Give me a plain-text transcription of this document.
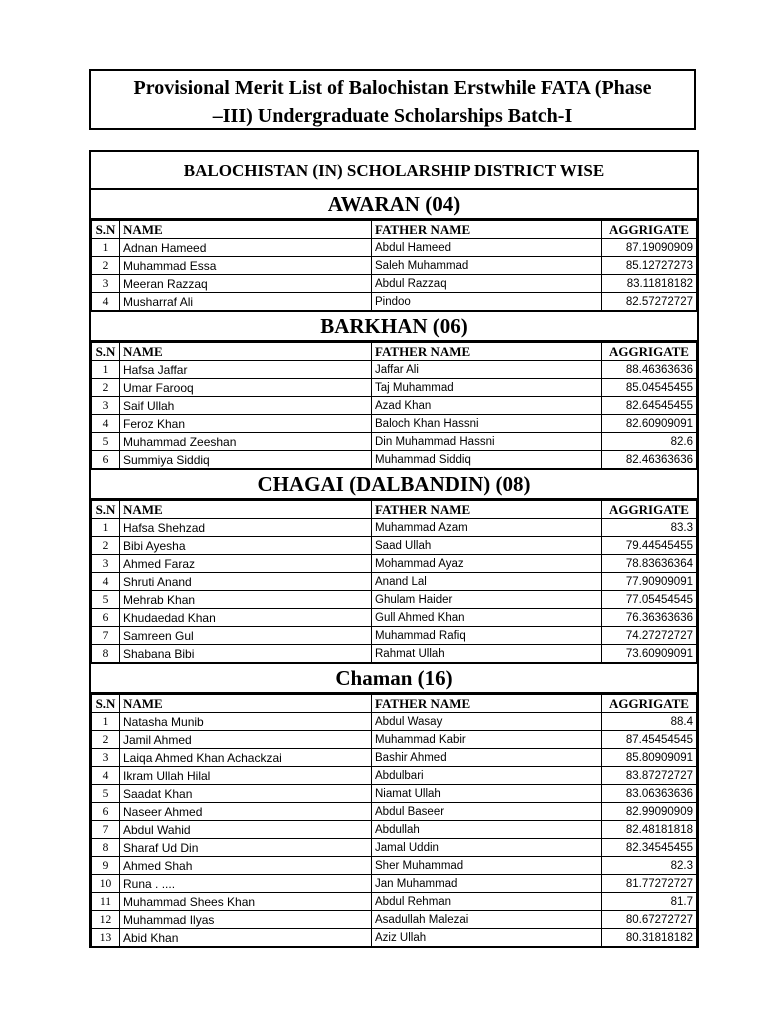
Provisional Merit List of Balochistan Erstwhile FATA (Phase
–III) Undergraduate Scholarships Batch-I
BALOCHISTAN (IN) SCHOLARSHIP DISTRICT WISE
AWARAN (04)
S.N	NAME	FATHER NAME	AGGRIGATE
1	Adnan Hameed	Abdul Hameed	87.19090909
2	Muhammad Essa	Saleh Muhammad	85.12727273
3	Meeran Razzaq	Abdul Razzaq	83.11818182
4	Musharraf Ali	Pindoo	82.57272727
BARKHAN (06)
S.N	NAME	FATHER NAME	AGGRIGATE
1	Hafsa Jaffar	Jaffar Ali	88.46363636
2	Umar Farooq	Taj Muhammad	85.04545455
3	Saif Ullah	Azad Khan	82.64545455
4	Feroz Khan	Baloch Khan Hassni	82.60909091
5	Muhammad Zeeshan	Din Muhammad Hassni	82.6
6	Summiya Siddiq	Muhammad Siddiq	82.46363636
CHAGAI (DALBANDIN) (08)
S.N	NAME	FATHER NAME	AGGRIGATE
1	Hafsa Shehzad	Muhammad Azam	83.3
2	Bibi Ayesha	Saad Ullah	79.44545455
3	Ahmed Faraz	Mohammad Ayaz	78.83636364
4	Shruti Anand	Anand Lal	77.90909091
5	Mehrab Khan	Ghulam Haider	77.05454545
6	Khudaedad Khan	Gull Ahmed Khan	76.36363636
7	Samreen Gul	Muhammad Rafiq	74.27272727
8	Shabana Bibi	Rahmat Ullah	73.60909091
Chaman (16)
S.N	NAME	FATHER NAME	AGGRIGATE
1	Natasha Munib	Abdul Wasay	88.4
2	Jamil Ahmed	Muhammad Kabir	87.45454545
3	Laiqa Ahmed Khan Achackzai	Bashir Ahmed	85.80909091
4	Ikram Ullah Hilal	Abdulbari	83.87272727
5	Saadat Khan	Niamat Ullah	83.06363636
6	Naseer Ahmed	Abdul Baseer	82.99090909
7	Abdul Wahid	Abdullah	82.48181818
8	Sharaf Ud Din	Jamal Uddin	82.34545455
9	Ahmed Shah	Sher Muhammad	82.3
10	Runa . ....	Jan Muhammad	81.77272727
11	Muhammad Shees Khan	Abdul Rehman	81.7
12	Muhammad Ilyas	Asadullah Malezai	80.67272727
13	Abid Khan	Aziz Ullah	80.31818182
